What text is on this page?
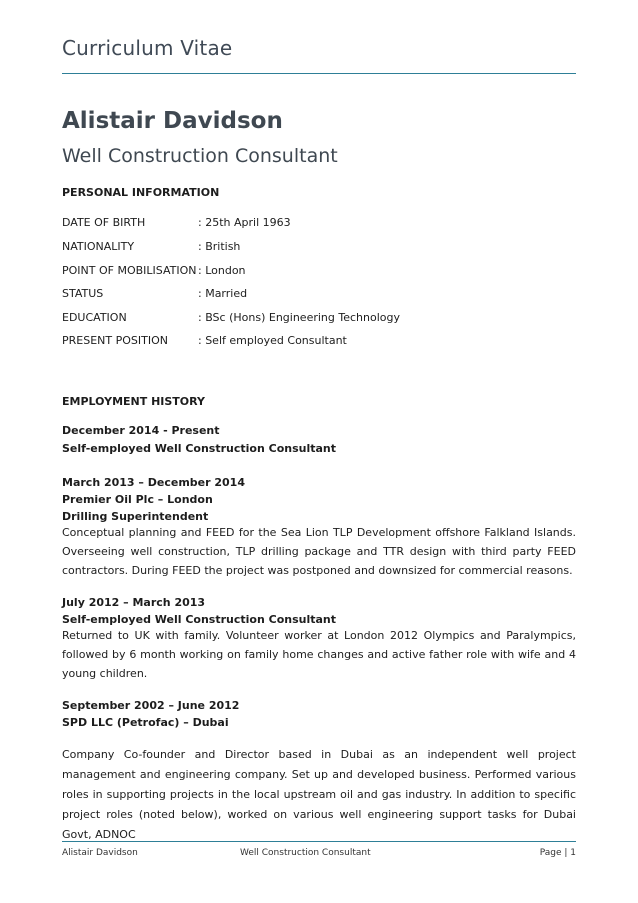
Curriculum Vitae
Alistair Davidson
Well Construction Consultant
PERSONAL INFORMATION
DATE OF BIRTH	: 25th April 1963
NATIONALITY	: British
POINT OF MOBILISATION : London
STATUS	: Married
EDUCATION	: BSc (Hons) Engineering Technology
PRESENT POSITION	: Self employed Consultant
EMPLOYMENT HISTORY
December 2014 - Present
Self-employed Well Construction Consultant
March 2013 – December 2014
Premier Oil Plc – London
Drilling Superintendent

Conceptual planning and FEED for the Sea Lion TLP Development offshore Falkland Islands. Overseeing well construction, TLP drilling package and TTR design with third party FEED contractors. During FEED the project was postponed and downsized for commercial reasons.

July 2012 – March 2013
Self-employed Well Construction Consultant

Returned to UK with family. Volunteer worker at London 2012 Olympics and Paralympics, followed by 6 month working on family home changes and active father role with wife and 4 young children.

September 2002 – June 2012
SPD LLC (Petrofac) – Dubai

Company Co-founder and Director based in Dubai as an independent well project management and engineering company. Set up and developed business. Performed various roles in supporting projects in the local upstream oil and gas industry. In addition to specific project roles (noted below), worked on various well engineering support tasks for Dubai Govt, ADNOC

Alistair Davidson	Well Construction Consultant	Page | 1
